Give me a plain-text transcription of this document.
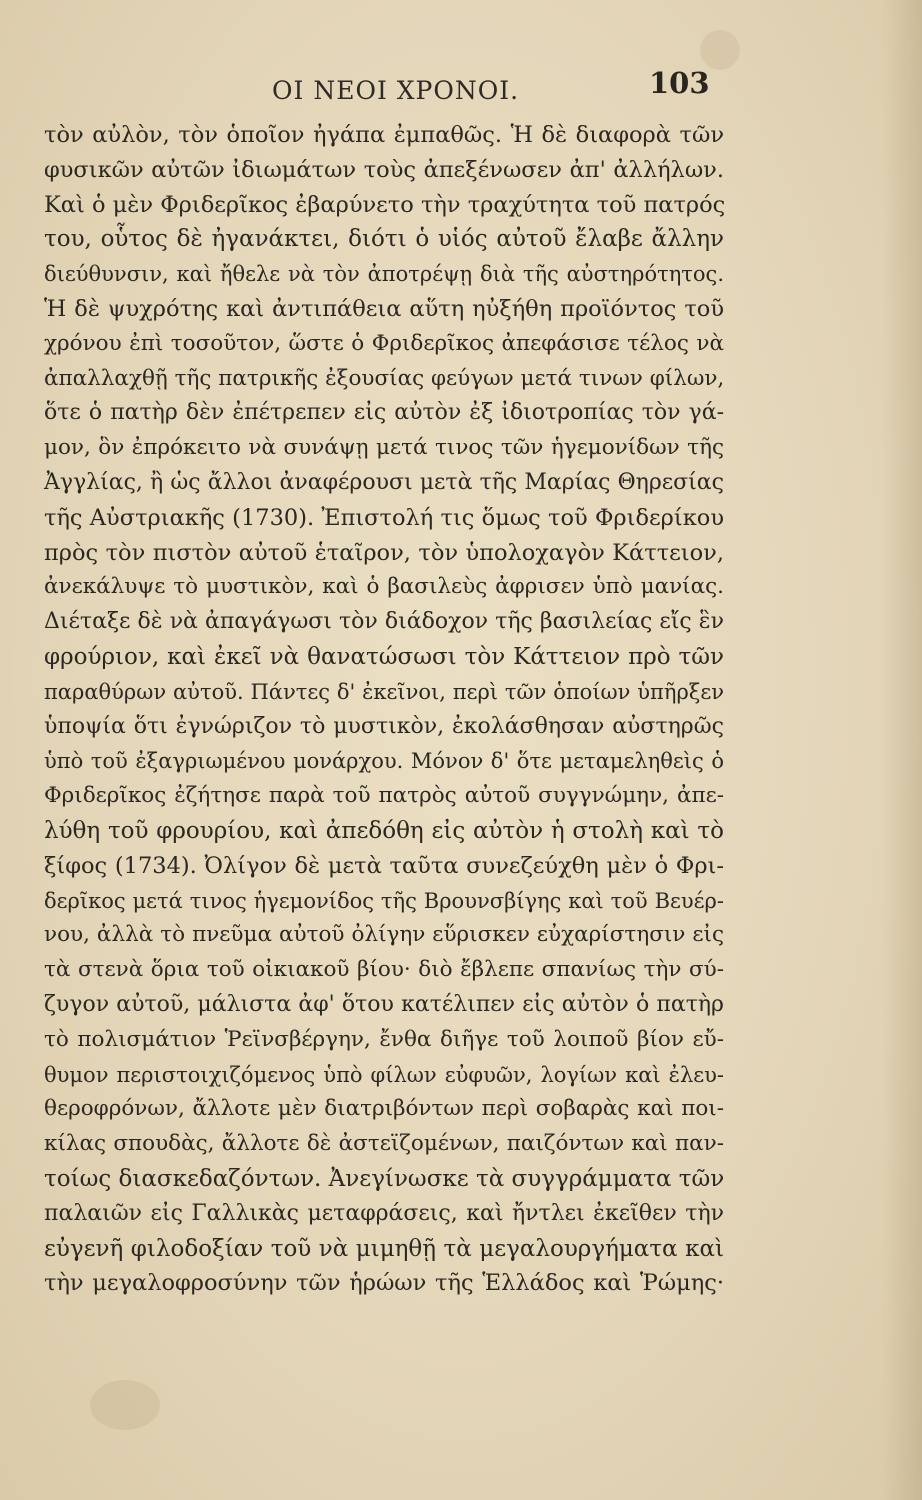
ΟΙ ΝΕΟΙ ΧΡΟΝΟΙ.	103
τὸν αὐλὸν, τὸν ὁποῖον ἠγάπα ἐμπαθῶς. Ἡ δὲ διαφορὰ τῶν
φυσικῶν αὐτῶν ἰδιωμάτων τοὺς ἀπεξένωσεν ἀπ' ἀλλήλων.
Καὶ ὁ μὲν Φριδερῖκος ἐβαρύνετο τὴν τραχύτητα τοῦ πατρός
του, οὗτος δὲ ἠγανάκτει, διότι ὁ υἱός αὐτοῦ ἔλαβε ἄλλην
διεύθυνσιν, καὶ ἤθελε νὰ τὸν ἀποτρέψῃ διὰ τῆς αὐστηρότητος.
Ἡ δὲ ψυχρότης καὶ ἀντιπάθεια αὕτη ηὐξήθη προϊόντος τοῦ
χρόνου ἐπὶ τοσοῦτον, ὥστε ὁ Φριδερῖκος ἀπεφάσισε τέλος νὰ
ἀπαλλαχθῇ τῆς πατρικῆς ἐξουσίας φεύγων μετά τινων φίλων,
ὅτε ὁ πατὴρ δὲν ἐπέτρεπεν εἰς αὐτὸν ἐξ ἰδιοτροπίας τὸν γά-
μον, ὃν ἐπρόκειτο νὰ συνάψῃ μετά τινος τῶν ἡγεμονίδων τῆς
Ἀγγλίας, ἢ ὡς ἄλλοι ἀναφέρουσι μετὰ τῆς Μαρίας Θηρεσίας
τῆς Αὐστριακῆς (1730). Ἐπιστολή τις ὅμως τοῦ Φριδερίκου
πρὸς τὸν πιστὸν αὐτοῦ ἑταῖρον, τὸν ὑπολοχαγὸν Κάττειον,
ἀνεκάλυψε τὸ μυστικὸν, καὶ ὁ βασιλεὺς ἀφρισεν ὑπὸ μανίας.
Διέταξε δὲ νὰ ἀπαγάγωσι τὸν διάδοχον τῆς βασιλείας εἴς ἓν
φρούριον, καὶ ἐκεῖ νὰ θανατώσωσι τὸν Κάττειον πρὸ τῶν
παραθύρων αὐτοῦ. Πάντες δ' ἐκεῖνοι, περὶ τῶν ὁποίων ὑπῆρξεν
ὑποψία ὅτι ἐγνώριζον τὸ μυστικὸν, ἐκολάσθησαν αὐστηρῶς
ὑπὸ τοῦ ἐξαγριωμένου μονάρχου. Μόνον δ' ὅτε μεταμεληθεὶς ὁ
Φριδερῖκος ἐζήτησε παρὰ τοῦ πατρὸς αὐτοῦ συγγνώμην, ἀπε-
λύθη τοῦ φρουρίου, καὶ ἀπεδόθη εἰς αὐτὸν ἡ στολὴ καὶ τὸ
ξίφος (1734). Ὀλίγον δὲ μετὰ ταῦτα συνεζεύχθη μὲν ὁ Φρι-
δερῖκος μετά τινος ἡγεμονίδος τῆς Βρουνσβίγης καὶ τοῦ Βευέρ-
νου, ἀλλὰ τὸ πνεῦμα αὐτοῦ ὀλίγην εὕρισκεν εὐχαρίστησιν εἰς
τὰ στενὰ ὅρια τοῦ οἰκιακοῦ βίου· διὸ ἔβλεπε σπανίως τὴν σύ-
ζυγον αὐτοῦ, μάλιστα ἀφ' ὅτου κατέλιπεν εἰς αὐτὸν ὁ πατὴρ
τὸ πολισμάτιον Ῥεϊνσβέργην, ἔνθα διῆγε τοῦ λοιποῦ βίον εὔ-
θυμον περιστοιχιζόμενος ὑπὸ φίλων εὐφυῶν, λογίων καὶ ἐλευ-
θεροφρόνων, ἄλλοτε μὲν διατριβόντων περὶ σοβαρὰς καὶ ποι-
κίλας σπουδὰς, ἄλλοτε δὲ ἀστεϊζομένων, παιζόντων καὶ παν-
τοίως διασκεδαζόντων. Ἀνεγίνωσκε τὰ συγγράμματα τῶν
παλαιῶν εἰς Γαλλικὰς μεταφράσεις, καὶ ἤντλει ἐκεῖθεν τὴν
εὐγενῆ φιλοδοξίαν τοῦ νὰ μιμηθῇ τὰ μεγαλουργήματα καὶ
τὴν μεγαλοφροσύνην τῶν ἡρώων τῆς Ἑλλάδος καὶ Ῥώμης·
